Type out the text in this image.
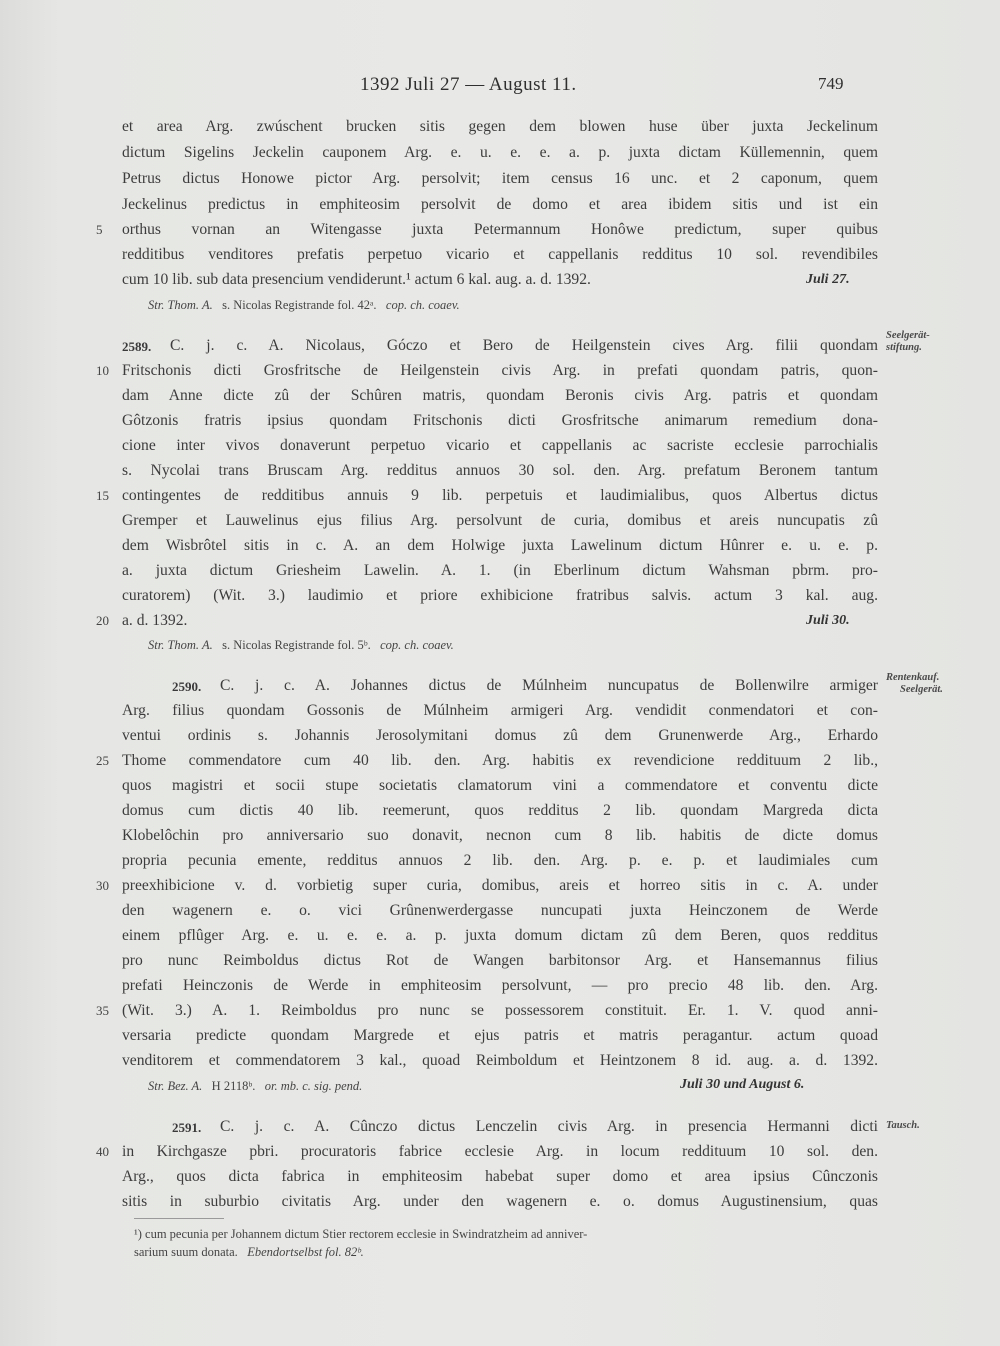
1392 Juli 27 — August 11.	749
et area Arg. zwúschent brucken sitis gegen dem blowen huse über juxta Jeckelinum
dictum Sigelins Jeckelin cauponem Arg. e. u. e. e. a. p. juxta dictam Küllemennin, quem
Petrus dictus Honowe pictor Arg. persolvit; item census 16 unc. et 2 caponum, quem
Jeckelinus predictus in emphiteosim persolvit de domo et area ibidem sitis und ist ein
5	orthus vornan an Witengasse juxta Petermannum Honôwe predictum, super quibus
redditibus venditores prefatis perpetuo vicario et cappellanis redditus 10 sol. revendibiles
cum 10 lib. sub data presencium vendiderunt.¹ actum 6 kal. aug. a. d. 1392.	Juli 27.
Str. Thom. A. s. Nicolas Registrande fol. 42ᵃ. cop. ch. coaev.
C. j. c. A. Nicolaus, Góczo et Bero de Heilgenstein cives Arg. filii quondam
2589.
Seelgerät-
stiftung.
10 Fritschonis dicti Grosfritsche de Heilgenstein civis Arg. in prefati quondam patris, quon-
dam Anne dicte zû der Schûren matris, quondam Beronis civis Arg. patris et quondam
Gôtzonis fratris ipsius quondam Fritschonis dicti Grosfritsche animarum remedium dona-
cione inter vivos donaverunt perpetuo vicario et cappellanis ac sacriste ecclesie parrochialis
s. Nycolai trans Bruscam Arg. redditus annuos 30 sol. den. Arg. prefatum Beronem tantum
15 contingentes de redditibus annuis 9 lib. perpetuis et laudimialibus, quos Albertus dictus
Gremper et Lauwelinus ejus filius Arg. persolvunt de curia, domibus et areis nuncupatis zû
dem Wisbrôtel sitis in c. A. an dem Holwige juxta Lawelinum dictum Hûnrer e. u. e. p.
a. juxta dictum Griesheim Lawelin. A. 1. (in Eberlinum dictum Wahsman pbrm. pro-
curatorem) (Wit. 3.) laudimio et priore exhibicione fratribus salvis. actum 3 kal. aug.
20 a. d. 1392.	Juli 30.
Str. Thom. A. s. Nicolas Registrande fol. 5ᵇ. cop. ch. coaev.
2590. C. j. c. A. Johannes dictus de Múlnheim nuncupatus de Bollenwilre armiger Rentenkauf.
Seelgerät.
Arg. filius quondam Gossonis de Múlnheim armigeri Arg. vendidit conmendatori et con-
ventui ordinis s. Johannis Jerosolymitani domus zû dem Grunenwerde Arg., Erhardo
25 Thome commendatore cum 40 lib. den. Arg. habitis ex revendicione reddituum 2 lib.,
quos magistri et socii stupe societatis clamatorum vini a commendatore et conventu dicte
domus cum dictis 40 lib. reemerunt, quos redditus 2 lib. quondam Margreda dicta
Klobelôchin pro anniversario suo donavit, necnon cum 8 lib. habitis de dicte domus
propria pecunia emente, redditus annuos 2 lib. den. Arg. p. e. p. et laudimiales cum
30 preexhibicione v. d. vorbietig super curia, domibus, areis et horreo sitis in c. A. under
den wagenern e. o. vici Grûnenwerdergasse nuncupati juxta Heinczonem de Werde
einem pflûger Arg. e. u. e. e. a. p. juxta domum dictam zû dem Beren, quos redditus
pro nunc Reimboldus dictus Rot de Wangen barbitonsor Arg. et Hansemannus filius
prefati Heinczonis de Werde in emphiteosim persolvunt, — pro precio 48 lib. den. Arg.
35 (Wit. 3.) A. 1. Reimboldus pro nunc se possessorem constituit. Er. 1. V. quod anni-
versaria predicte quondam Margrede et ejus patris et matris peragantur. actum quoad
venditorem et commendatorem 3 kal., quoad Reimboldum et Heintzonem 8 id. aug. a. d. 1392.
Str. Bez. A. H 2118ᵇ. or. mb. c. sig. pend.	Juli 30 und August 6.
2591. C. j. c. A. Cûnczo dictus Lenczelin civis Arg. in presencia Hermanni dicti Tausch.
40 in Kirchgasze pbri. procuratoris fabrice ecclesie Arg. in locum reddituum 10 sol. den.
Arg., quos dicta fabrica in emphiteosim habebat super domo et area ipsius Cûnczonis
sitis in suburbio civitatis Arg. under den wagenern e. o. domus Augustinensium, quas
¹) cum pecunia per Johannem dictum Stier rectorem ecclesie in Swindratzheim ad anniver-
sarium suum donata. Ebendortselbst fol. 82ᵇ.
